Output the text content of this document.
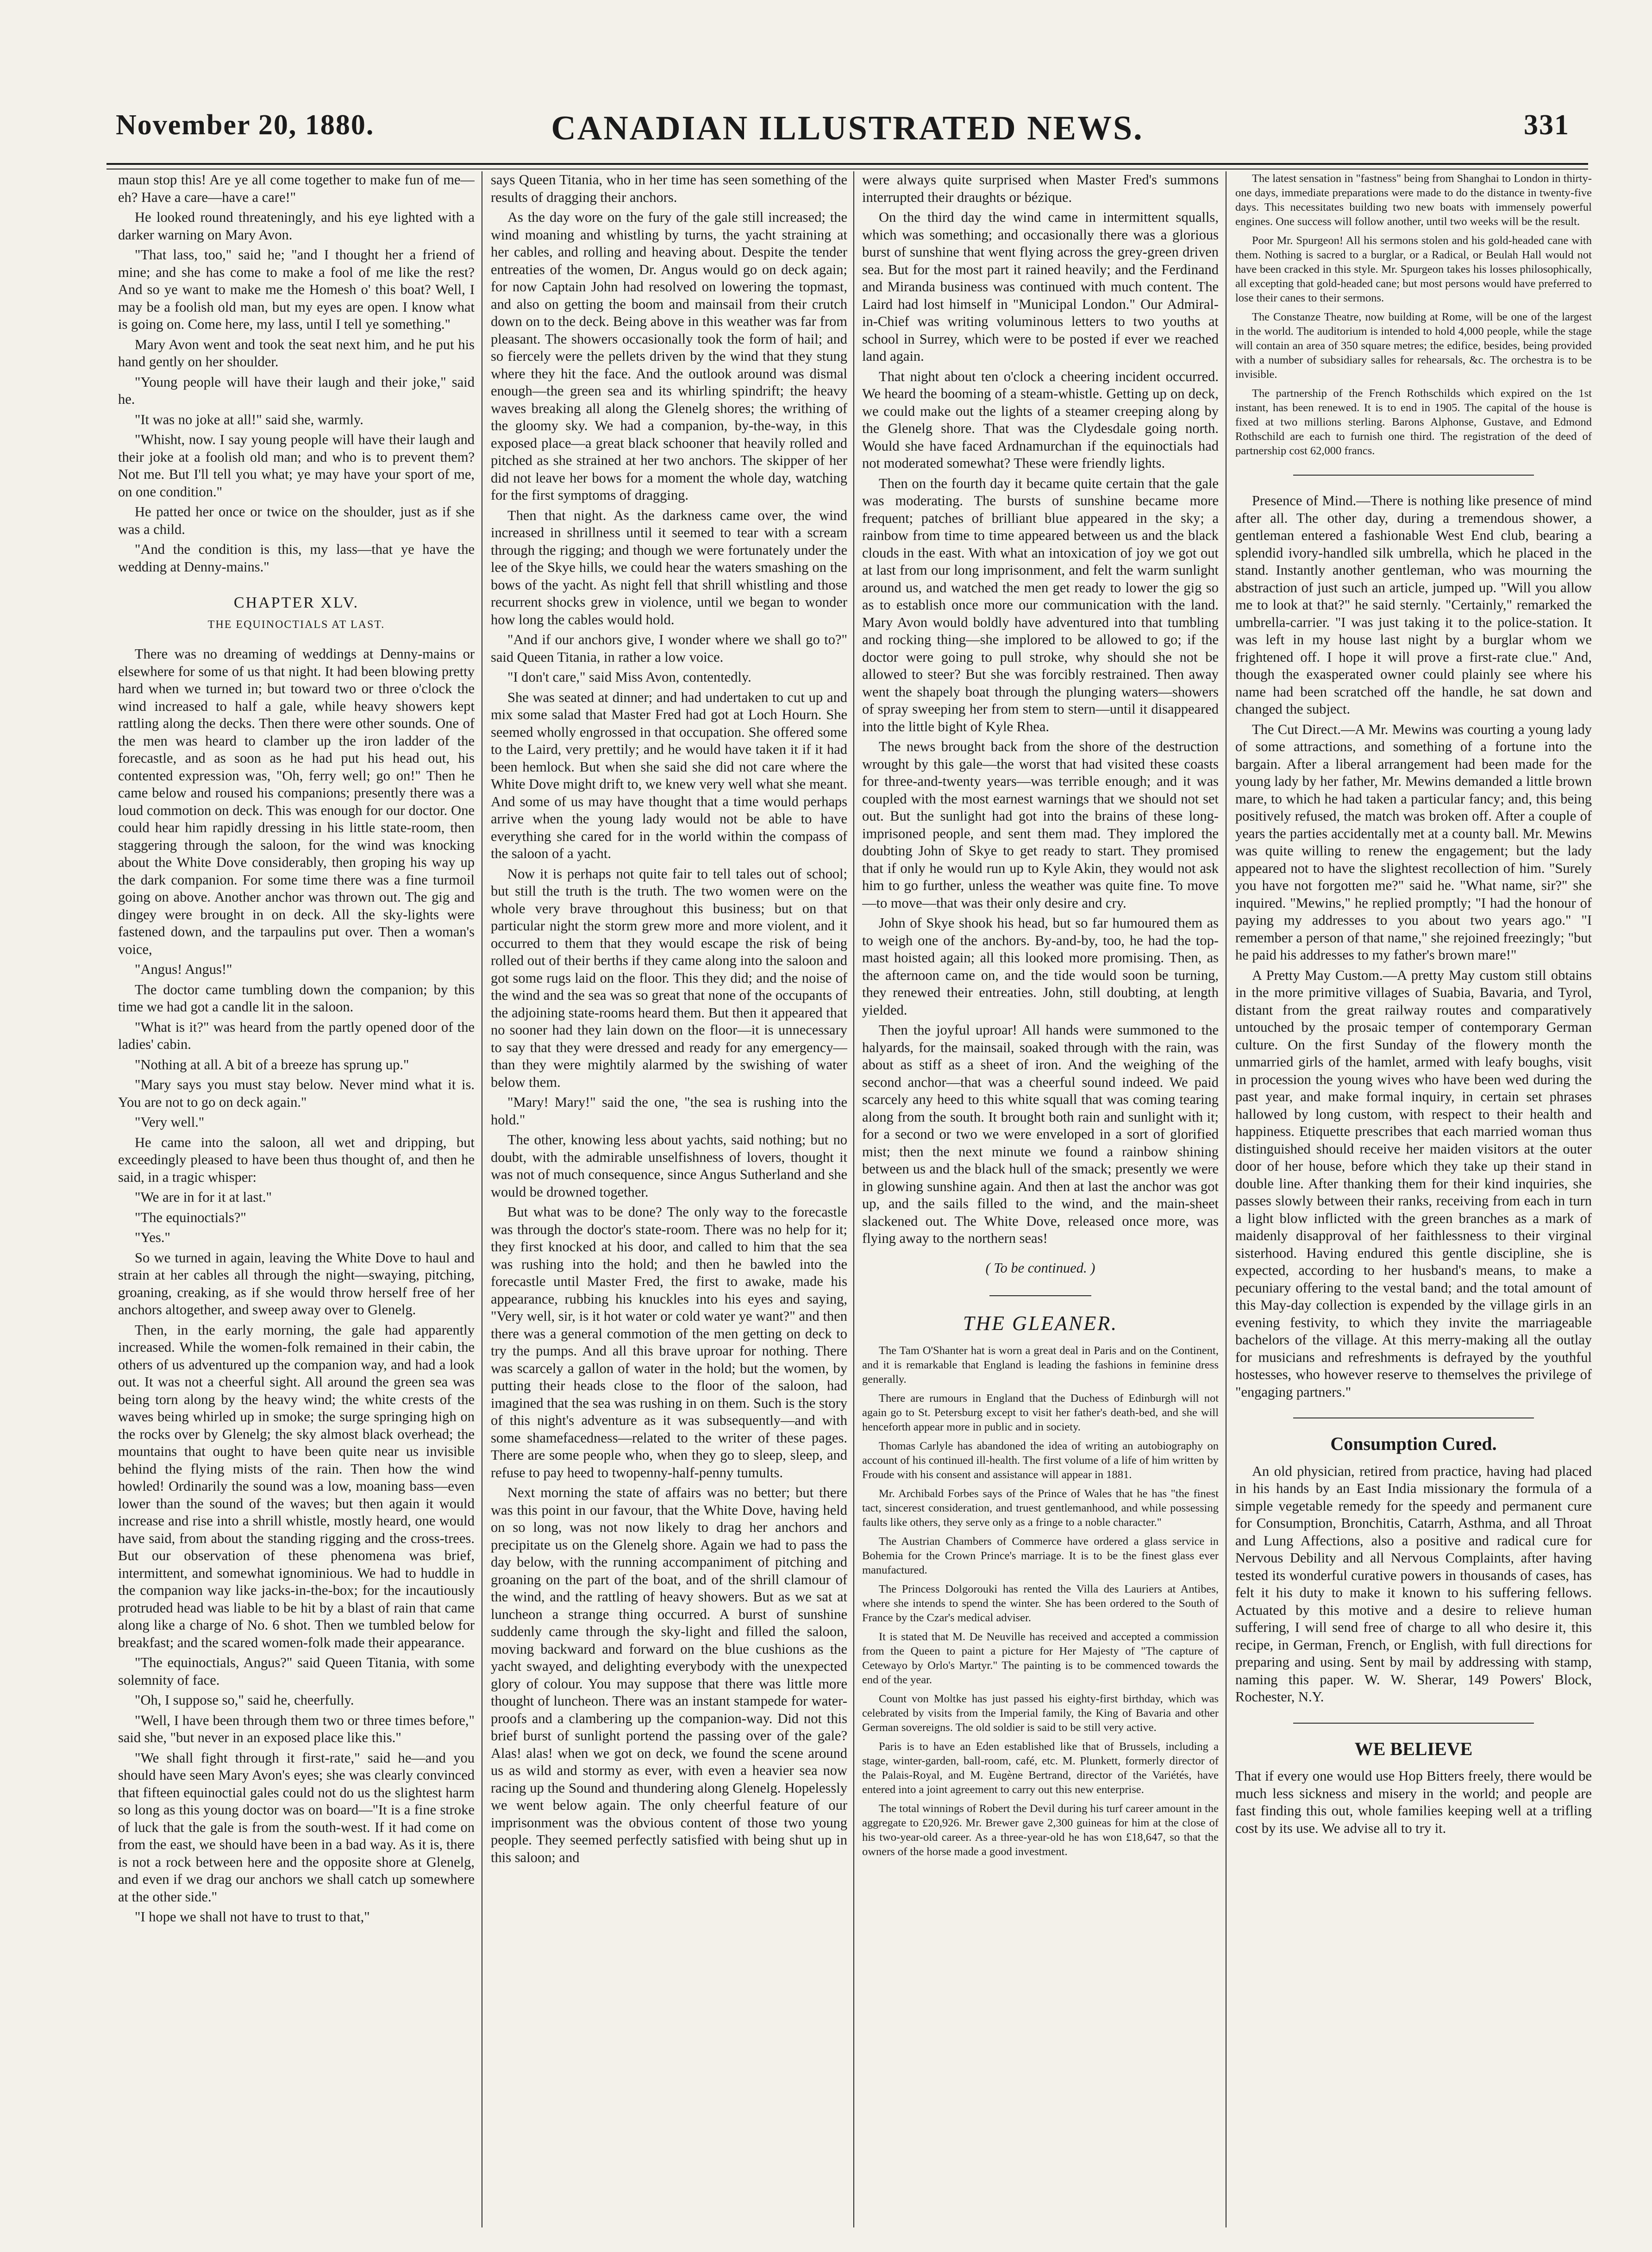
November 20, 1880.	CANADIAN ILLUSTRATED NEWS.	331

maun stop this! Are ye all come together to make fun of me—eh? Have a care—have a care!"

He looked round threateningly, and his eye lighted with a darker warning on Mary Avon.

"That lass, too," said he; "and I thought her a friend of mine; and she has come to make a fool of me like the rest? And so ye want to make me the Homesh o' this boat? Well, I may be a foolish old man, but my eyes are open. I know what is going on. Come here, my lass, until I tell ye something."

Mary Avon went and took the seat next him, and he put his hand gently on her shoulder.

"Young people will have their laugh and their joke," said he.

"It was no joke at all!" said she, warmly.

"Whisht, now. I say young people will have their laugh and their joke at a foolish old man; and who is to prevent them? Not me. But I'll tell you what; ye may have your sport of me, on one condition."

He patted her once or twice on the shoulder, just as if she was a child.

"And the condition is this, my lass—that ye have the wedding at Denny-mains."

CHAPTER XLV.
THE EQUINOCTIALS AT LAST.

There was no dreaming of weddings at Denny-mains or elsewhere for some of us that night. It had been blowing pretty hard when we turned in; but toward two or three o'clock the wind increased to half a gale, while heavy showers kept rattling along the decks. Then there were other sounds. One of the men was heard to clamber up the iron ladder of the forecastle, and as soon as he had put his head out, his contented expression was, "Oh, ferry well; go on!" Then he came below and roused his companions; presently there was a loud commotion on deck. This was enough for our doctor. One could hear him rapidly dressing in his little state-room, then staggering through the saloon, for the wind was knocking about the White Dove considerably, then groping his way up the dark companion. For some time there was a fine turmoil going on above. Another anchor was thrown out. The gig and dingey were brought in on deck. All the sky-lights were fastened down, and the tarpaulins put over. Then a woman's voice,

"Angus! Angus!"

The doctor came tumbling down the companion; by this time we had got a candle lit in the saloon.

"What is it?" was heard from the partly opened door of the ladies' cabin.

"Nothing at all. A bit of a breeze has sprung up."

"Mary says you must stay below. Never mind what it is. You are not to go on deck again."

"Very well."

He came into the saloon, all wet and dripping, but exceedingly pleased to have been thus thought of, and then he said, in a tragic whisper:

"We are in for it at last."

"The equinoctials?"

"Yes."

So we turned in again, leaving the White Dove to haul and strain at her cables all through the night—swaying, pitching, groaning, creaking, as if she would throw herself free of her anchors altogether, and sweep away over to Glenelg.

Then, in the early morning, the gale had apparently increased. While the women-folk remained in their cabin, the others of us adventured up the companion way, and had a look out. It was not a cheerful sight. All around the green sea was being torn along by the heavy wind; the white crests of the waves being whirled up in smoke; the surge springing high on the rocks over by Glenelg; the sky almost black overhead; the mountains that ought to have been quite near us invisible behind the flying mists of the rain. Then how the wind howled! Ordinarily the sound was a low, moaning bass—even lower than the sound of the waves; but then again it would increase and rise into a shrill whistle, mostly heard, one would have said, from about the standing rigging and the cross-trees. But our observation of these phenomena was brief, intermittent, and somewhat ignominious. We had to huddle in the companion way like jacks-in-the-box; for the incautiously protruded head was liable to be hit by a blast of rain that came along like a charge of No. 6 shot. Then we tumbled below for breakfast; and the scared women-folk made their appearance.

"The equinoctials, Angus?" said Queen Titania, with some solemnity of face.

"Oh, I suppose so," said he, cheerfully.

"Well, I have been through them two or three times before," said she, "but never in an exposed place like this."

"We shall fight through it first-rate," said he—and you should have seen Mary Avon's eyes; she was clearly convinced that fifteen equinoctial gales could not do us the slightest harm so long as this young doctor was on board—"It is a fine stroke of luck that the gale is from the south-west. If it had come on from the east, we should have been in a bad way. As it is, there is not a rock between here and the opposite shore at Glenelg, and even if we drag our anchors we shall catch up somewhere at the other side."

"I hope we shall not have to trust to that,"

says Queen Titania, who in her time has seen something of the results of dragging their anchors.

As the day wore on the fury of the gale still increased; the wind moaning and whistling by turns, the yacht straining at her cables, and rolling and heaving about. Despite the tender entreaties of the women, Dr. Angus would go on deck again; for now Captain John had resolved on lowering the topmast, and also on getting the boom and mainsail from their crutch down on to the deck. Being above in this weather was far from pleasant. The showers occasionally took the form of hail; and so fiercely were the pellets driven by the wind that they stung where they hit the face. And the outlook around was dismal enough—the green sea and its whirling spindrift; the heavy waves breaking all along the Glenelg shores; the writhing of the gloomy sky. We had a companion, by-the-way, in this exposed place—a great black schooner that heavily rolled and pitched as she strained at her two anchors. The skipper of her did not leave her bows for a moment the whole day, watching for the first symptoms of dragging.

Then that night. As the darkness came over, the wind increased in shrillness until it seemed to tear with a scream through the rigging; and though we were fortunately under the lee of the Skye hills, we could hear the waters smashing on the bows of the yacht. As night fell that shrill whistling and those recurrent shocks grew in violence, until we began to wonder how long the cables would hold.

"And if our anchors give, I wonder where we shall go to?" said Queen Titania, in rather a low voice.

"I don't care," said Miss Avon, contentedly.

She was seated at dinner; and had undertaken to cut up and mix some salad that Master Fred had got at Loch Hourn. She seemed wholly engrossed in that occupation. She offered some to the Laird, very prettily; and he would have taken it if it had been hemlock. But when she said she did not care where the White Dove might drift to, we knew very well what she meant. And some of us may have thought that a time would perhaps arrive when the young lady would not be able to have everything she cared for in the world within the compass of the saloon of a yacht.

Now it is perhaps not quite fair to tell tales out of school; but still the truth is the truth. The two women were on the whole very brave throughout this business; but on that particular night the storm grew more and more violent, and it occurred to them that they would escape the risk of being rolled out of their berths if they came along into the saloon and got some rugs laid on the floor. This they did; and the noise of the wind and the sea was so great that none of the occupants of the adjoining state-rooms heard them. But then it appeared that no sooner had they lain down on the floor—it is unnecessary to say that they were dressed and ready for any emergency—than they were mightily alarmed by the swishing of water below them.

"Mary! Mary!" said the one, "the sea is rushing into the hold."

The other, knowing less about yachts, said nothing; but no doubt, with the admirable unselfishness of lovers, thought it was not of much consequence, since Angus Sutherland and she would be drowned together.

But what was to be done? The only way to the forecastle was through the doctor's state-room. There was no help for it; they first knocked at his door, and called to him that the sea was rushing into the hold; and then he bawled into the forecastle until Master Fred, the first to awake, made his appearance, rubbing his knuckles into his eyes and saying, "Very well, sir, is it hot water or cold water ye want?" and then there was a general commotion of the men getting on deck to try the pumps. And all this brave uproar for nothing. There was scarcely a gallon of water in the hold; but the women, by putting their heads close to the floor of the saloon, had imagined that the sea was rushing in on them. Such is the story of this night's adventure as it was subsequently—and with some shamefacedness—related to the writer of these pages. There are some people who, when they go to sleep, sleep, and refuse to pay heed to twopenny-half-penny tumults.

Next morning the state of affairs was no better; but there was this point in our favour, that the White Dove, having held on so long, was not now likely to drag her anchors and precipitate us on the Glenelg shore. Again we had to pass the day below, with the running accompaniment of pitching and groaning on the part of the boat, and of the shrill clamour of the wind, and the rattling of heavy showers. But as we sat at luncheon a strange thing occurred. A burst of sunshine suddenly came through the sky-light and filled the saloon, moving backward and forward on the blue cushions as the yacht swayed, and delighting everybody with the unexpected glory of colour. You may suppose that there was little more thought of luncheon. There was an instant stampede for water-proofs and a clambering up the companion-way. Did not this brief burst of sunlight portend the passing over of the gale? Alas! alas! when we got on deck, we found the scene around us as wild and stormy as ever, with even a heavier sea now racing up the Sound and thundering along Glenelg. Hopelessly we went below again. The only cheerful feature of our imprisonment was the obvious content of those two young people. They seemed perfectly satisfied with being shut up in this saloon; and

were always quite surprised when Master Fred's summons interrupted their draughts or bézique.

On the third day the wind came in intermittent squalls, which was something; and occasionally there was a glorious burst of sunshine that went flying across the grey-green driven sea. But for the most part it rained heavily; and the Ferdinand and Miranda business was continued with much content. The Laird had lost himself in "Municipal London." Our Admiral-in-Chief was writing voluminous letters to two youths at school in Surrey, which were to be posted if ever we reached land again.

That night about ten o'clock a cheering incident occurred. We heard the booming of a steam-whistle. Getting up on deck, we could make out the lights of a steamer creeping along by the Glenelg shore. That was the Clydesdale going north. Would she have faced Ardnamurchan if the equinoctials had not moderated somewhat? These were friendly lights.

Then on the fourth day it became quite certain that the gale was moderating. The bursts of sunshine became more frequent; patches of brilliant blue appeared in the sky; a rainbow from time to time appeared between us and the black clouds in the east. With what an intoxication of joy we got out at last from our long imprisonment, and felt the warm sunlight around us, and watched the men get ready to lower the gig so as to establish once more our communication with the land. Mary Avon would boldly have adventured into that tumbling and rocking thing—she implored to be allowed to go; if the doctor were going to pull stroke, why should she not be allowed to steer? But she was forcibly restrained. Then away went the shapely boat through the plunging waters—showers of spray sweeping her from stem to stern—until it disappeared into the little bight of Kyle Rhea.

The news brought back from the shore of the destruction wrought by this gale—the worst that had visited these coasts for three-and-twenty years—was terrible enough; and it was coupled with the most earnest warnings that we should not set out. But the sunlight had got into the brains of these long-imprisoned people, and sent them mad. They implored the doubting John of Skye to get ready to start. They promised that if only he would run up to Kyle Akin, they would not ask him to go further, unless the weather was quite fine. To move—to move—that was their only desire and cry.

John of Skye shook his head, but so far humoured them as to weigh one of the anchors. By-and-by, too, he had the top-mast hoisted again; all this looked more promising. Then, as the afternoon came on, and the tide would soon be turning, they renewed their entreaties. John, still doubting, at length yielded.

Then the joyful uproar! All hands were summoned to the halyards, for the mainsail, soaked through with the rain, was about as stiff as a sheet of iron. And the weighing of the second anchor—that was a cheerful sound indeed. We paid scarcely any heed to this white squall that was coming tearing along from the south. It brought both rain and sunlight with it; for a second or two we were enveloped in a sort of glorified mist; then the next minute we found a rainbow shining between us and the black hull of the smack; presently we were in glowing sunshine again. And then at last the anchor was got up, and the sails filled to the wind, and the main-sheet slackened out. The White Dove, released once more, was flying away to the northern seas!

( To be continued. )
THE GLEANER.

The Tam O'Shanter hat is worn a great deal in Paris and on the Continent, and it is remarkable that England is leading the fashions in feminine dress generally.

There are rumours in England that the Duchess of Edinburgh will not again go to St. Petersburg except to visit her father's death-bed, and she will henceforth appear more in public and in society.

Thomas Carlyle has abandoned the idea of writing an autobiography on account of his continued ill-health. The first volume of a life of him written by Froude with his consent and assistance will appear in 1881.

Mr. Archibald Forbes says of the Prince of Wales that he has "the finest tact, sincerest consideration, and truest gentlemanhood, and while possessing faults like others, they serve only as a fringe to a noble character."

The Austrian Chambers of Commerce have ordered a glass service in Bohemia for the Crown Prince's marriage. It is to be the finest glass ever manufactured.

The Princess Dolgorouki has rented the Villa des Lauriers at Antibes, where she intends to spend the winter. She has been ordered to the South of France by the Czar's medical adviser.

It is stated that M. De Neuville has received and accepted a commission from the Queen to paint a picture for Her Majesty of "The capture of Cetewayo by Orlo's Martyr." The painting is to be commenced towards the end of the year.

Count von Moltke has just passed his eighty-first birthday, which was celebrated by visits from the Imperial family, the King of Bavaria and other German sovereigns. The old soldier is said to be still very active.

Paris is to have an Eden established like that of Brussels, including a stage, winter-garden, ball-room, café, etc. M. Plunkett, formerly director of the Palais-Royal, and M. Eugène Bertrand, director of the Variétés, have entered into a joint agreement to carry out this new enterprise.

The total winnings of Robert the Devil during his turf career amount in the aggregate to £20,926. Mr. Brewer gave 2,300 guineas for him at the close of his two-year-old career. As a three-year-old he has won £18,647, so that the owners of the horse made a good investment.

The latest sensation in "fastness" being from Shanghai to London in thirty-one days, immediate preparations were made to do the distance in twenty-five days. This necessitates building two new boats with immensely powerful engines. One success will follow another, until two weeks will be the result.

Poor Mr. Spurgeon! All his sermons stolen and his gold-headed cane with them. Nothing is sacred to a burglar, or a Radical, or Beulah Hall would not have been cracked in this style. Mr. Spurgeon takes his losses philosophically, all excepting that gold-headed cane; but most persons would have preferred to lose their canes to their sermons.

The Constanze Theatre, now building at Rome, will be one of the largest in the world. The auditorium is intended to hold 4,000 people, while the stage will contain an area of 350 square metres; the edifice, besides, being provided with a number of subsidiary salles for rehearsals, &c. The orchestra is to be invisible.

The partnership of the French Rothschilds which expired on the 1st instant, has been renewed. It is to end in 1905. The capital of the house is fixed at two millions sterling. Barons Alphonse, Gustave, and Edmond Rothschild are each to furnish one third. The registration of the deed of partnership cost 62,000 francs.

Presence of Mind.—There is nothing like presence of mind after all. The other day, during a tremendous shower, a gentleman entered a fashionable West End club, bearing a splendid ivory-handled silk umbrella, which he placed in the stand. Instantly another gentleman, who was mourning the abstraction of just such an article, jumped up. "Will you allow me to look at that?" he said sternly. "Certainly," remarked the umbrella-carrier. "I was just taking it to the police-station. It was left in my house last night by a burglar whom we frightened off. I hope it will prove a first-rate clue." And, though the exasperated owner could plainly see where his name had been scratched off the handle, he sat down and changed the subject.

The Cut Direct.—A Mr. Mewins was courting a young lady of some attractions, and something of a fortune into the bargain. After a liberal arrangement had been made for the young lady by her father, Mr. Mewins demanded a little brown mare, to which he had taken a particular fancy; and, this being positively refused, the match was broken off. After a couple of years the parties accidentally met at a county ball. Mr. Mewins was quite willing to renew the engagement; but the lady appeared not to have the slightest recollection of him. "Surely you have not forgotten me?" said he. "What name, sir?" she inquired. "Mewins," he replied promptly; "I had the honour of paying my addresses to you about two years ago." "I remember a person of that name," she rejoined freezingly; "but he paid his addresses to my father's brown mare!"

A Pretty May Custom.—A pretty May custom still obtains in the more primitive villages of Suabia, Bavaria, and Tyrol, distant from the great railway routes and comparatively untouched by the prosaic temper of contemporary German culture. On the first Sunday of the flowery month the unmarried girls of the hamlet, armed with leafy boughs, visit in procession the young wives who have been wed during the past year, and make formal inquiry, in certain set phrases hallowed by long custom, with respect to their health and happiness. Etiquette prescribes that each married woman thus distinguished should receive her maiden visitors at the outer door of her house, before which they take up their stand in double line. After thanking them for their kind inquiries, she passes slowly between their ranks, receiving from each in turn a light blow inflicted with the green branches as a mark of maidenly disapproval of her faithlessness to their virginal sisterhood. Having endured this gentle discipline, she is expected, according to her husband's means, to make a pecuniary offering to the vestal band; and the total amount of this May-day collection is expended by the village girls in an evening festivity, to which they invite the marriageable bachelors of the village. At this merry-making all the outlay for musicians and refreshments is defrayed by the youthful hostesses, who however reserve to themselves the privilege of "engaging partners."

Consumption Cured.

An old physician, retired from practice, having had placed in his hands by an East India missionary the formula of a simple vegetable remedy for the speedy and permanent cure for Consumption, Bronchitis, Catarrh, Asthma, and all Throat and Lung Affections, also a positive and radical cure for Nervous Debility and all Nervous Complaints, after having tested its wonderful curative powers in thousands of cases, has felt it his duty to make it known to his suffering fellows. Actuated by this motive and a desire to relieve human suffering, I will send free of charge to all who desire it, this recipe, in German, French, or English, with full directions for preparing and using. Sent by mail by addressing with stamp, naming this paper. W. W. Sherar, 149 Powers' Block, Rochester, N.Y.

WE BELIEVE

That if every one would use Hop Bitters freely, there would be much less sickness and misery in the world; and people are fast finding this out, whole families keeping well at a trifling cost by its use. We advise all to try it.
